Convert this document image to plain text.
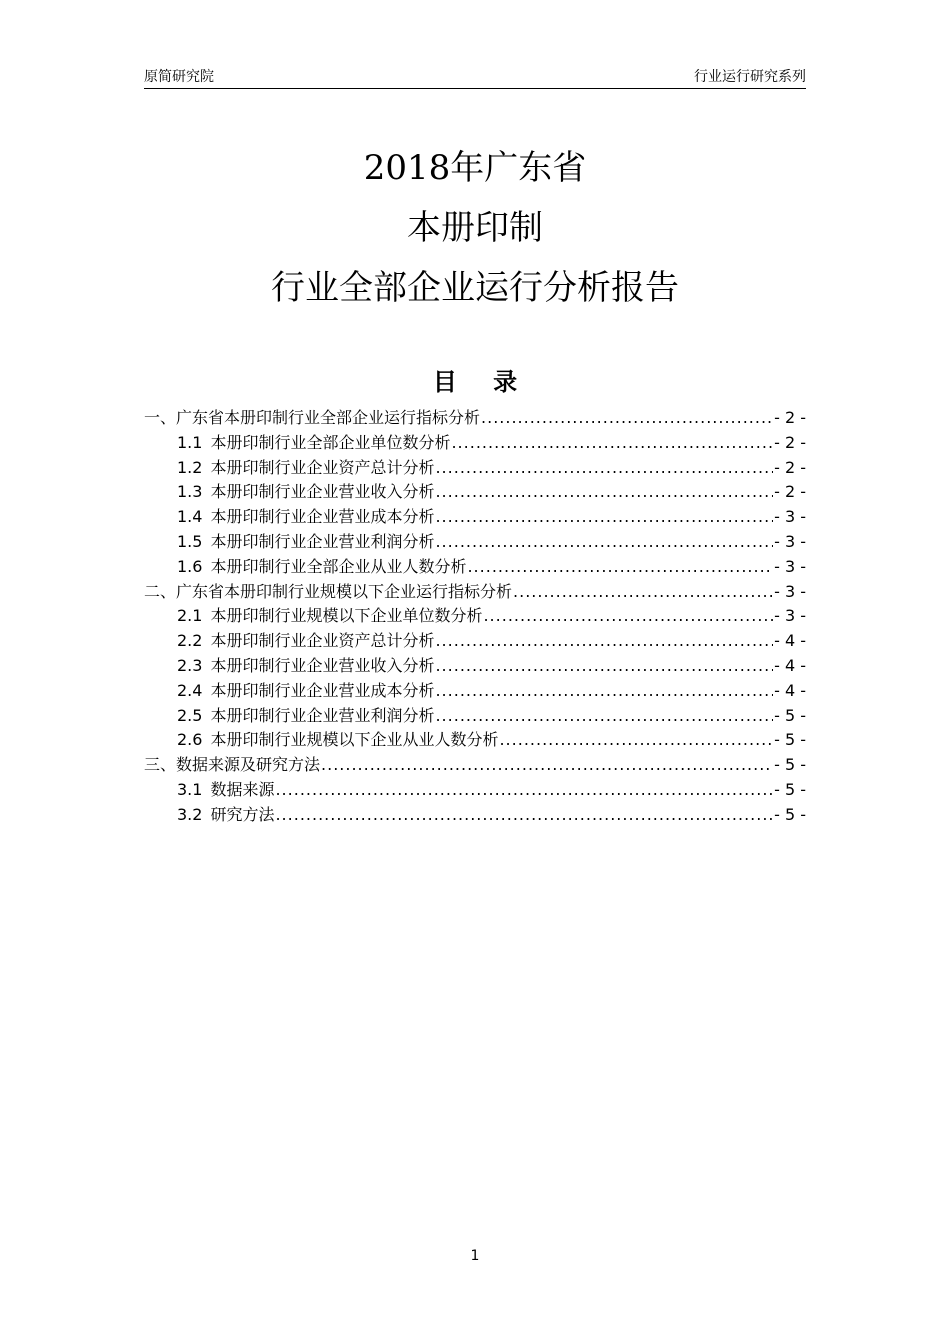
原简研究院	行业运行研究系列
2018年广东省
本册印制
行业全部企业运行分析报告
目 录
一、广东省本册印制行业全部企业运行指标分析 .....	- 2 -
1.1 本册印制行业全部企业单位数分析 .....	- 2 -
1.2 本册印制行业企业资产总计分析 .....	- 2 -
1.3 本册印制行业企业营业收入分析 .....	- 2 -
1.4 本册印制行业企业营业成本分析 .....	- 3 -
1.5 本册印制行业企业营业利润分析 .....	- 3 -
1.6 本册印制行业全部企业从业人数分析 .....	- 3 -
二、广东省本册印制行业规模以下企业运行指标分析 .....	- 3 -
2.1 本册印制行业规模以下企业单位数分析 .....	- 3 -
2.2 本册印制行业企业资产总计分析 .....	- 4 -
2.3 本册印制行业企业营业收入分析 .....	- 4 -
2.4 本册印制行业企业营业成本分析 .....	- 4 -
2.5 本册印制行业企业营业利润分析 .....	- 5 -
2.6 本册印制行业规模以下企业从业人数分析 .....	- 5 -
三、数据来源及研究方法 .....	- 5 -
3.1 数据来源 .....	- 5 -
3.2 研究方法 .....	- 5 -
1
